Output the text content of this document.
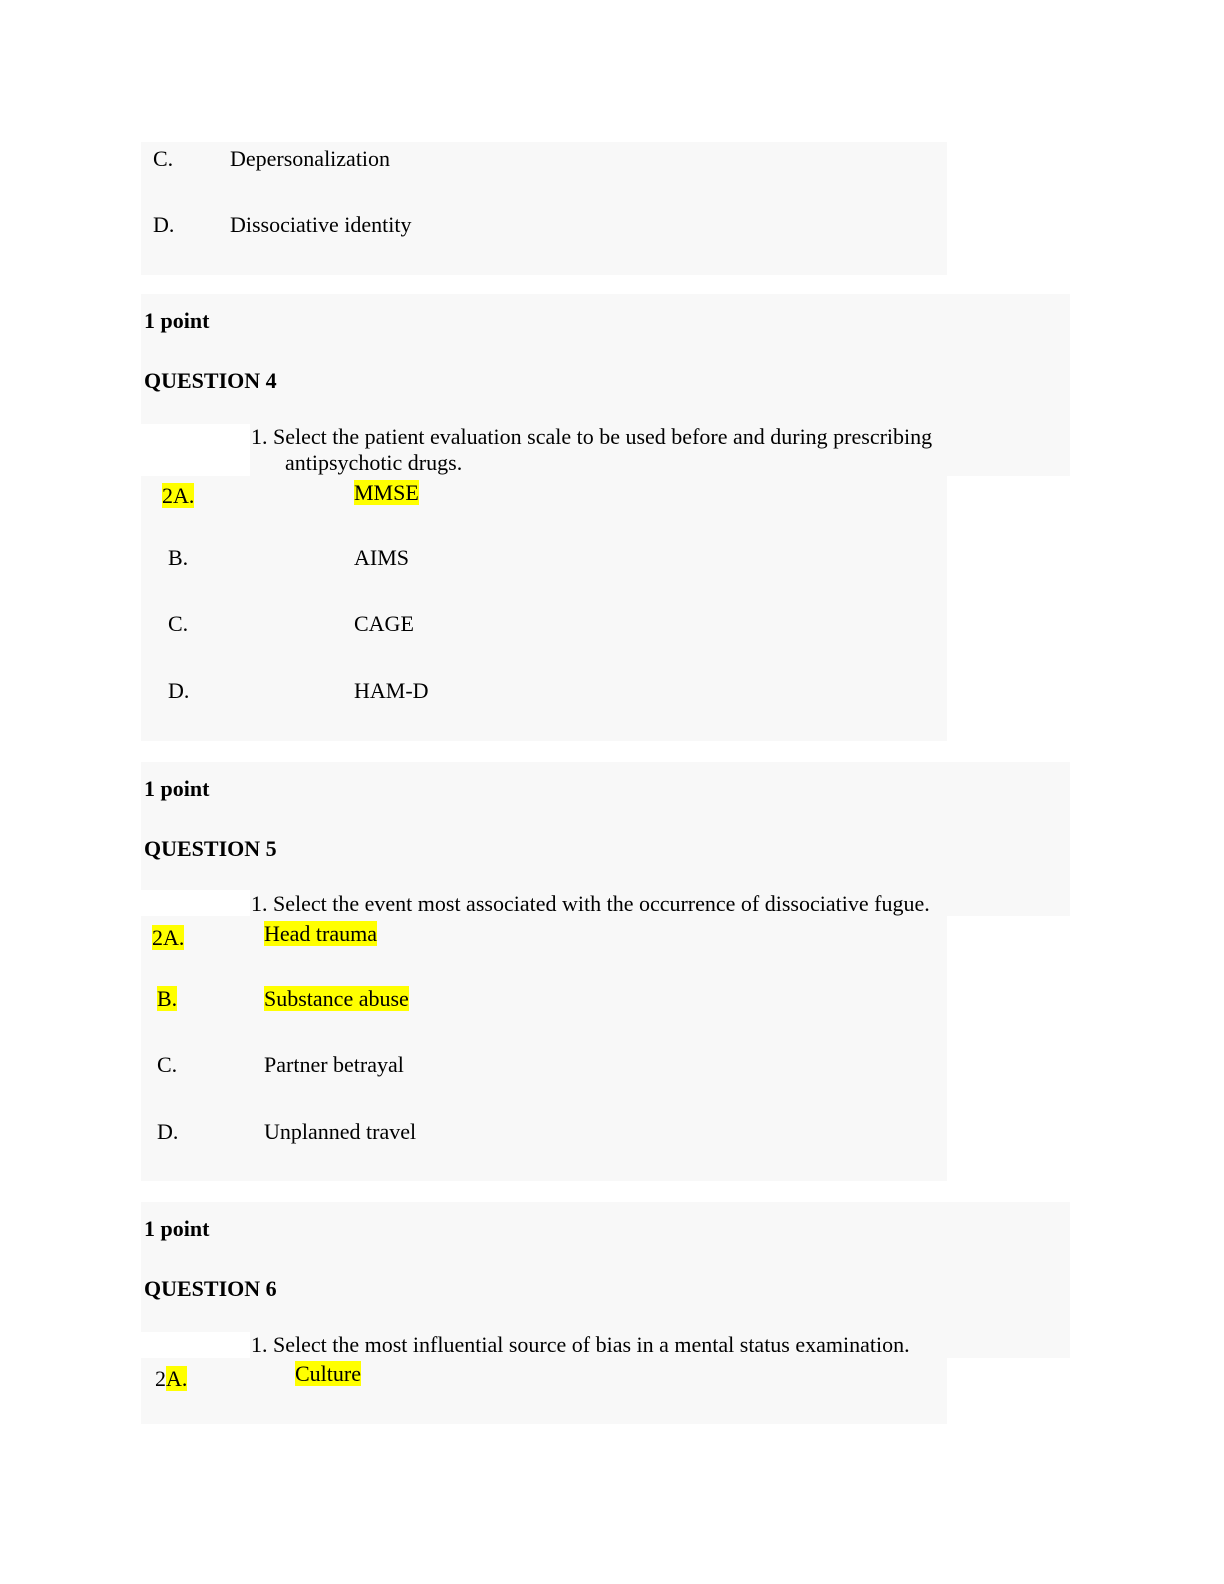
C.	Depersonalization
D.	Dissociative identity
1 point
QUESTION 4
1. Select the patient evaluation scale to be used before and during prescribing
antipsychotic drugs.
2A.	MMSE
B.	AIMS
C.	CAGE
D.	HAM-D
1 point
QUESTION 5
1. Select the event most associated with the occurrence of dissociative fugue.
2A.	Head trauma
B.	Substance abuse
C.	Partner betrayal
D.	Unplanned travel
1 point
QUESTION 6
1. Select the most influential source of bias in a mental status examination.
2A.	Culture
